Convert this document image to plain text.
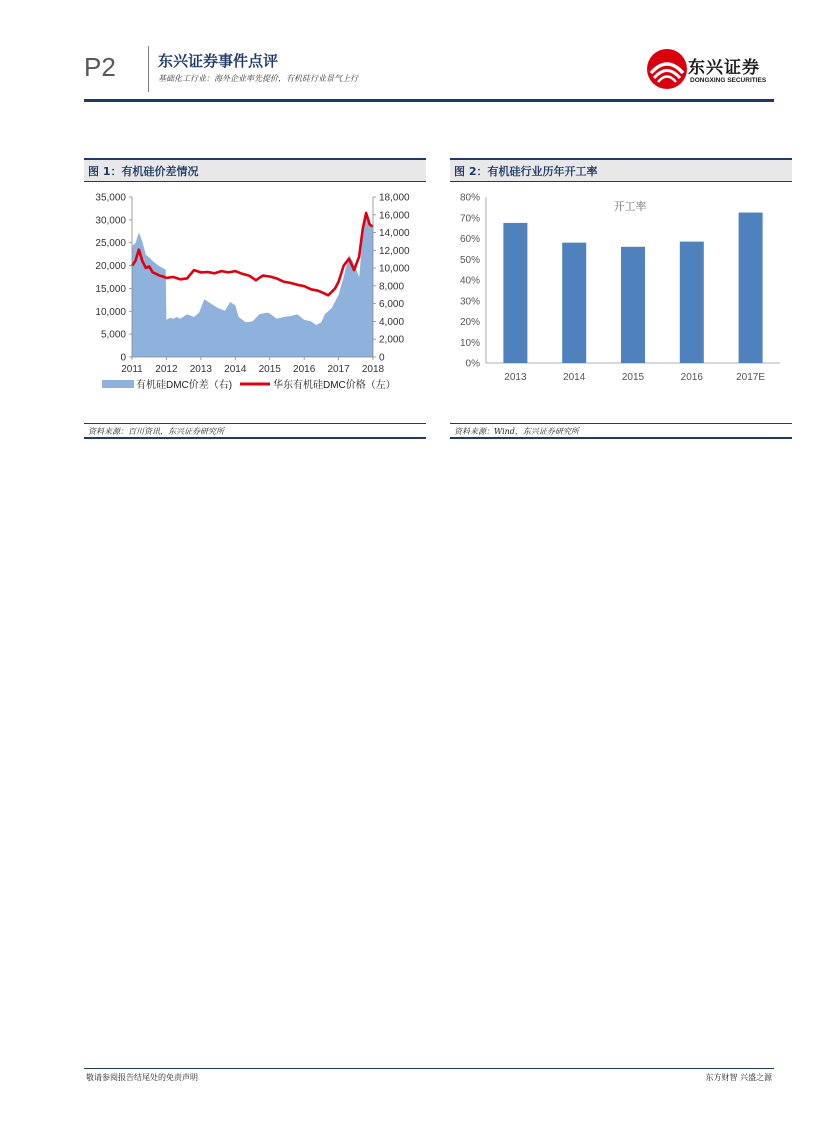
P2	东兴证券事件点评
基础化工行业：海外企业率先提价，有机硅行业景气上行
东兴证券
DONGXING SECURITIES
图 1：有机硅价差情况
0
5,000
10,000
15,000
20,000
25,000
30,000
35,000
0
2,000
4,000
6,000
8,000
10,000
12,000
14,000
16,000
18,000
2011 2012 2013 2014 2015 2016 2017 2018
有机硅DMC价差（右)	华东有机硅DMC价格（左）
资料来源：百川资讯，东兴证券研究所
图 2：有机硅行业历年开工率
0%
10%
20%
30%
40%
50%
60%
70%
80%
开工率
2013	2014	2015	2016	2017E
资料来源：Wind，东兴证券研究所
敬请参阅报告结尾处的免责声明	东方财智 兴盛之源
